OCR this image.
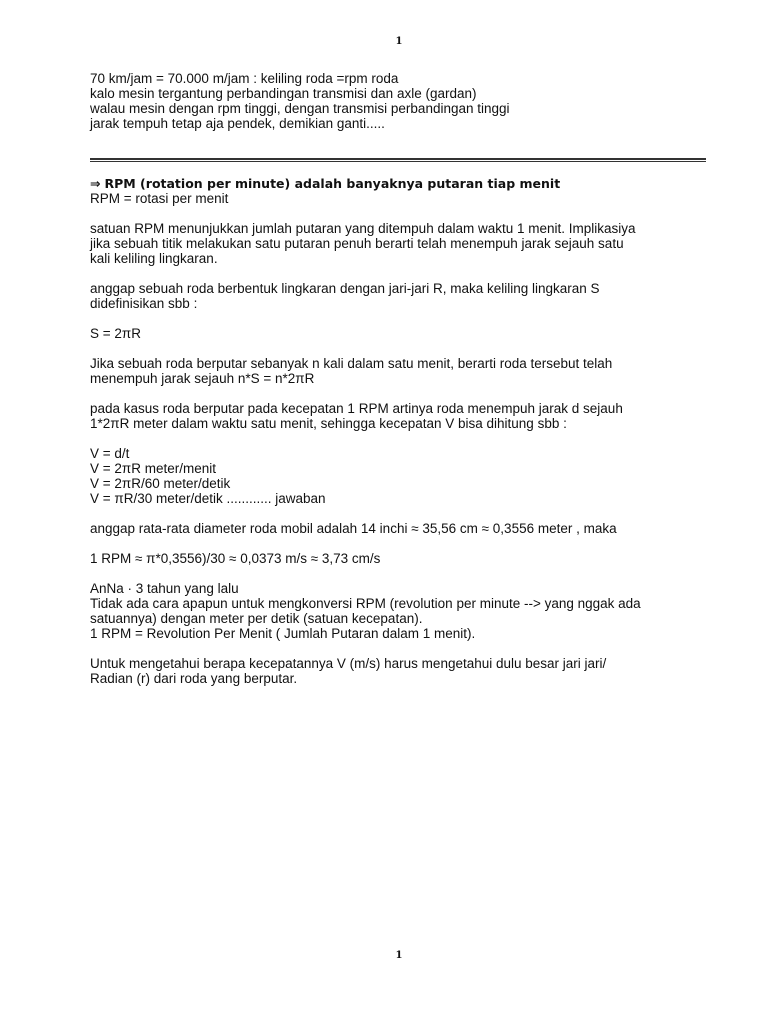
1

70 km/jam = 70.000 m/jam : keliling roda =rpm roda

kalo mesin tergantung perbandingan transmisi dan axle (gardan)

walau mesin dengan rpm tinggi, dengan transmisi perbandingan tinggi

jarak tempuh tetap aja pendek, demikian ganti.....

⇒ RPM (rotation per minute) adalah banyaknya putaran tiap menit

RPM = rotasi per menit

satuan RPM menunjukkan jumlah putaran yang ditempuh dalam waktu 1 menit. Implikasiya

jika sebuah titik melakukan satu putaran penuh berarti telah menempuh jarak sejauh satu

kali keliling lingkaran.

anggap sebuah roda berbentuk lingkaran dengan jari-jari R, maka keliling lingkaran S

didefinisikan sbb :

S = 2πR

Jika sebuah roda berputar sebanyak n kali dalam satu menit, berarti roda tersebut telah

menempuh jarak sejauh n*S = n*2πR

pada kasus roda berputar pada kecepatan 1 RPM artinya roda menempuh jarak d sejauh

1*2πR meter dalam waktu satu menit, sehingga kecepatan V bisa dihitung sbb :

V = d/t

V = 2πR meter/menit

V = 2πR/60 meter/detik

V = πR/30 meter/detik ............ jawaban

anggap rata-rata diameter roda mobil adalah 14 inchi ≈ 35,56 cm ≈ 0,3556 meter , maka

1 RPM ≈ π*0,3556)/30 ≈ 0,0373 m/s ≈ 3,73 cm/s

AnNa · 3 tahun yang lalu

Tidak ada cara apapun untuk mengkonversi RPM (revolution per minute --> yang nggak ada

satuannya) dengan meter per detik (satuan kecepatan).

1 RPM = Revolution Per Menit ( Jumlah Putaran dalam 1 menit).

Untuk mengetahui berapa kecepatannya V (m/s) harus mengetahui dulu besar jari jari/

Radian (r) dari roda yang berputar.

1
